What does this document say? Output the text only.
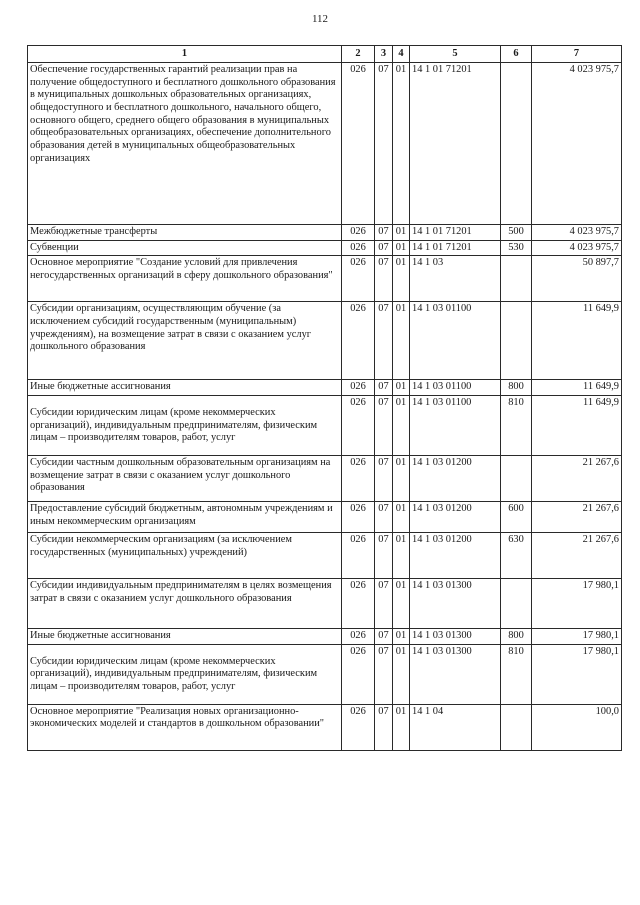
112
1	2	3	4	5	6	7
Обеспечение государственных гарантий реализации прав на получение общедоступного и бесплатного дошкольного образования в муниципальных дошкольных образовательных организациях, общедоступного и бесплатного дошкольного, начального общего, основного общего, среднего общего образования в муниципальных общеобразовательных организациях, обеспечение дополнительного образования детей в муниципальных общеобразовательных организациях	026	07	01	14 1 01 71201		4 023 975,7
Межбюджетные трансферты	026	07	01	14 1 01 71201	500	4 023 975,7
Субвенции	026	07	01	14 1 01 71201	530	4 023 975,7
Основное мероприятие "Создание условий для привлечения негосударственных организаций в сферу дошкольного образования"	026	07	01	14 1 03		50 897,7
Субсидии организациям, осуществляющим обучение (за исключением субсидий государственным (муниципальным) учреждениям), на возмещение затрат в связи с оказанием услуг дошкольного образования	026	07	01	14 1 03 01100		11 649,9
Иные бюджетные ассигнования	026	07	01	14 1 03 01100	800	11 649,9

Субсидии юридическим лицам (кроме некоммерческих организаций), индивидуальным предпринимателям, физическим лицам – производителям товаров, работ, услуг	026	07	01	14 1 03 01100	810	11 649,9
Субсидии частным дошкольным образовательным организациям на возмещение затрат в связи с оказанием услуг дошкольного образования	026	07	01	14 1 03 01200		21 267,6
Предоставление субсидий бюджетным, автономным учреждениям и иным некоммерческим организациям	026	07	01	14 1 03 01200	600	21 267,6
Субсидии некоммерческим организациям (за исключением государственных (муниципальных) учреждений)	026	07	01	14 1 03 01200	630	21 267,6
Субсидии индивидуальным предпринимателям в целях возмещения затрат в связи с оказанием услуг дошкольного образования	026	07	01	14 1 03 01300		17 980,1
Иные бюджетные ассигнования	026	07	01	14 1 03 01300	800	17 980,1

Субсидии юридическим лицам (кроме некоммерческих организаций), индивидуальным предпринимателям, физическим лицам – производителям товаров, работ, услуг	026	07	01	14 1 03 01300	810	17 980,1
Основное мероприятие "Реализация новых организационно-экономических моделей и стандартов в дошкольном образовании"	026	07	01	14 1 04		100,0
